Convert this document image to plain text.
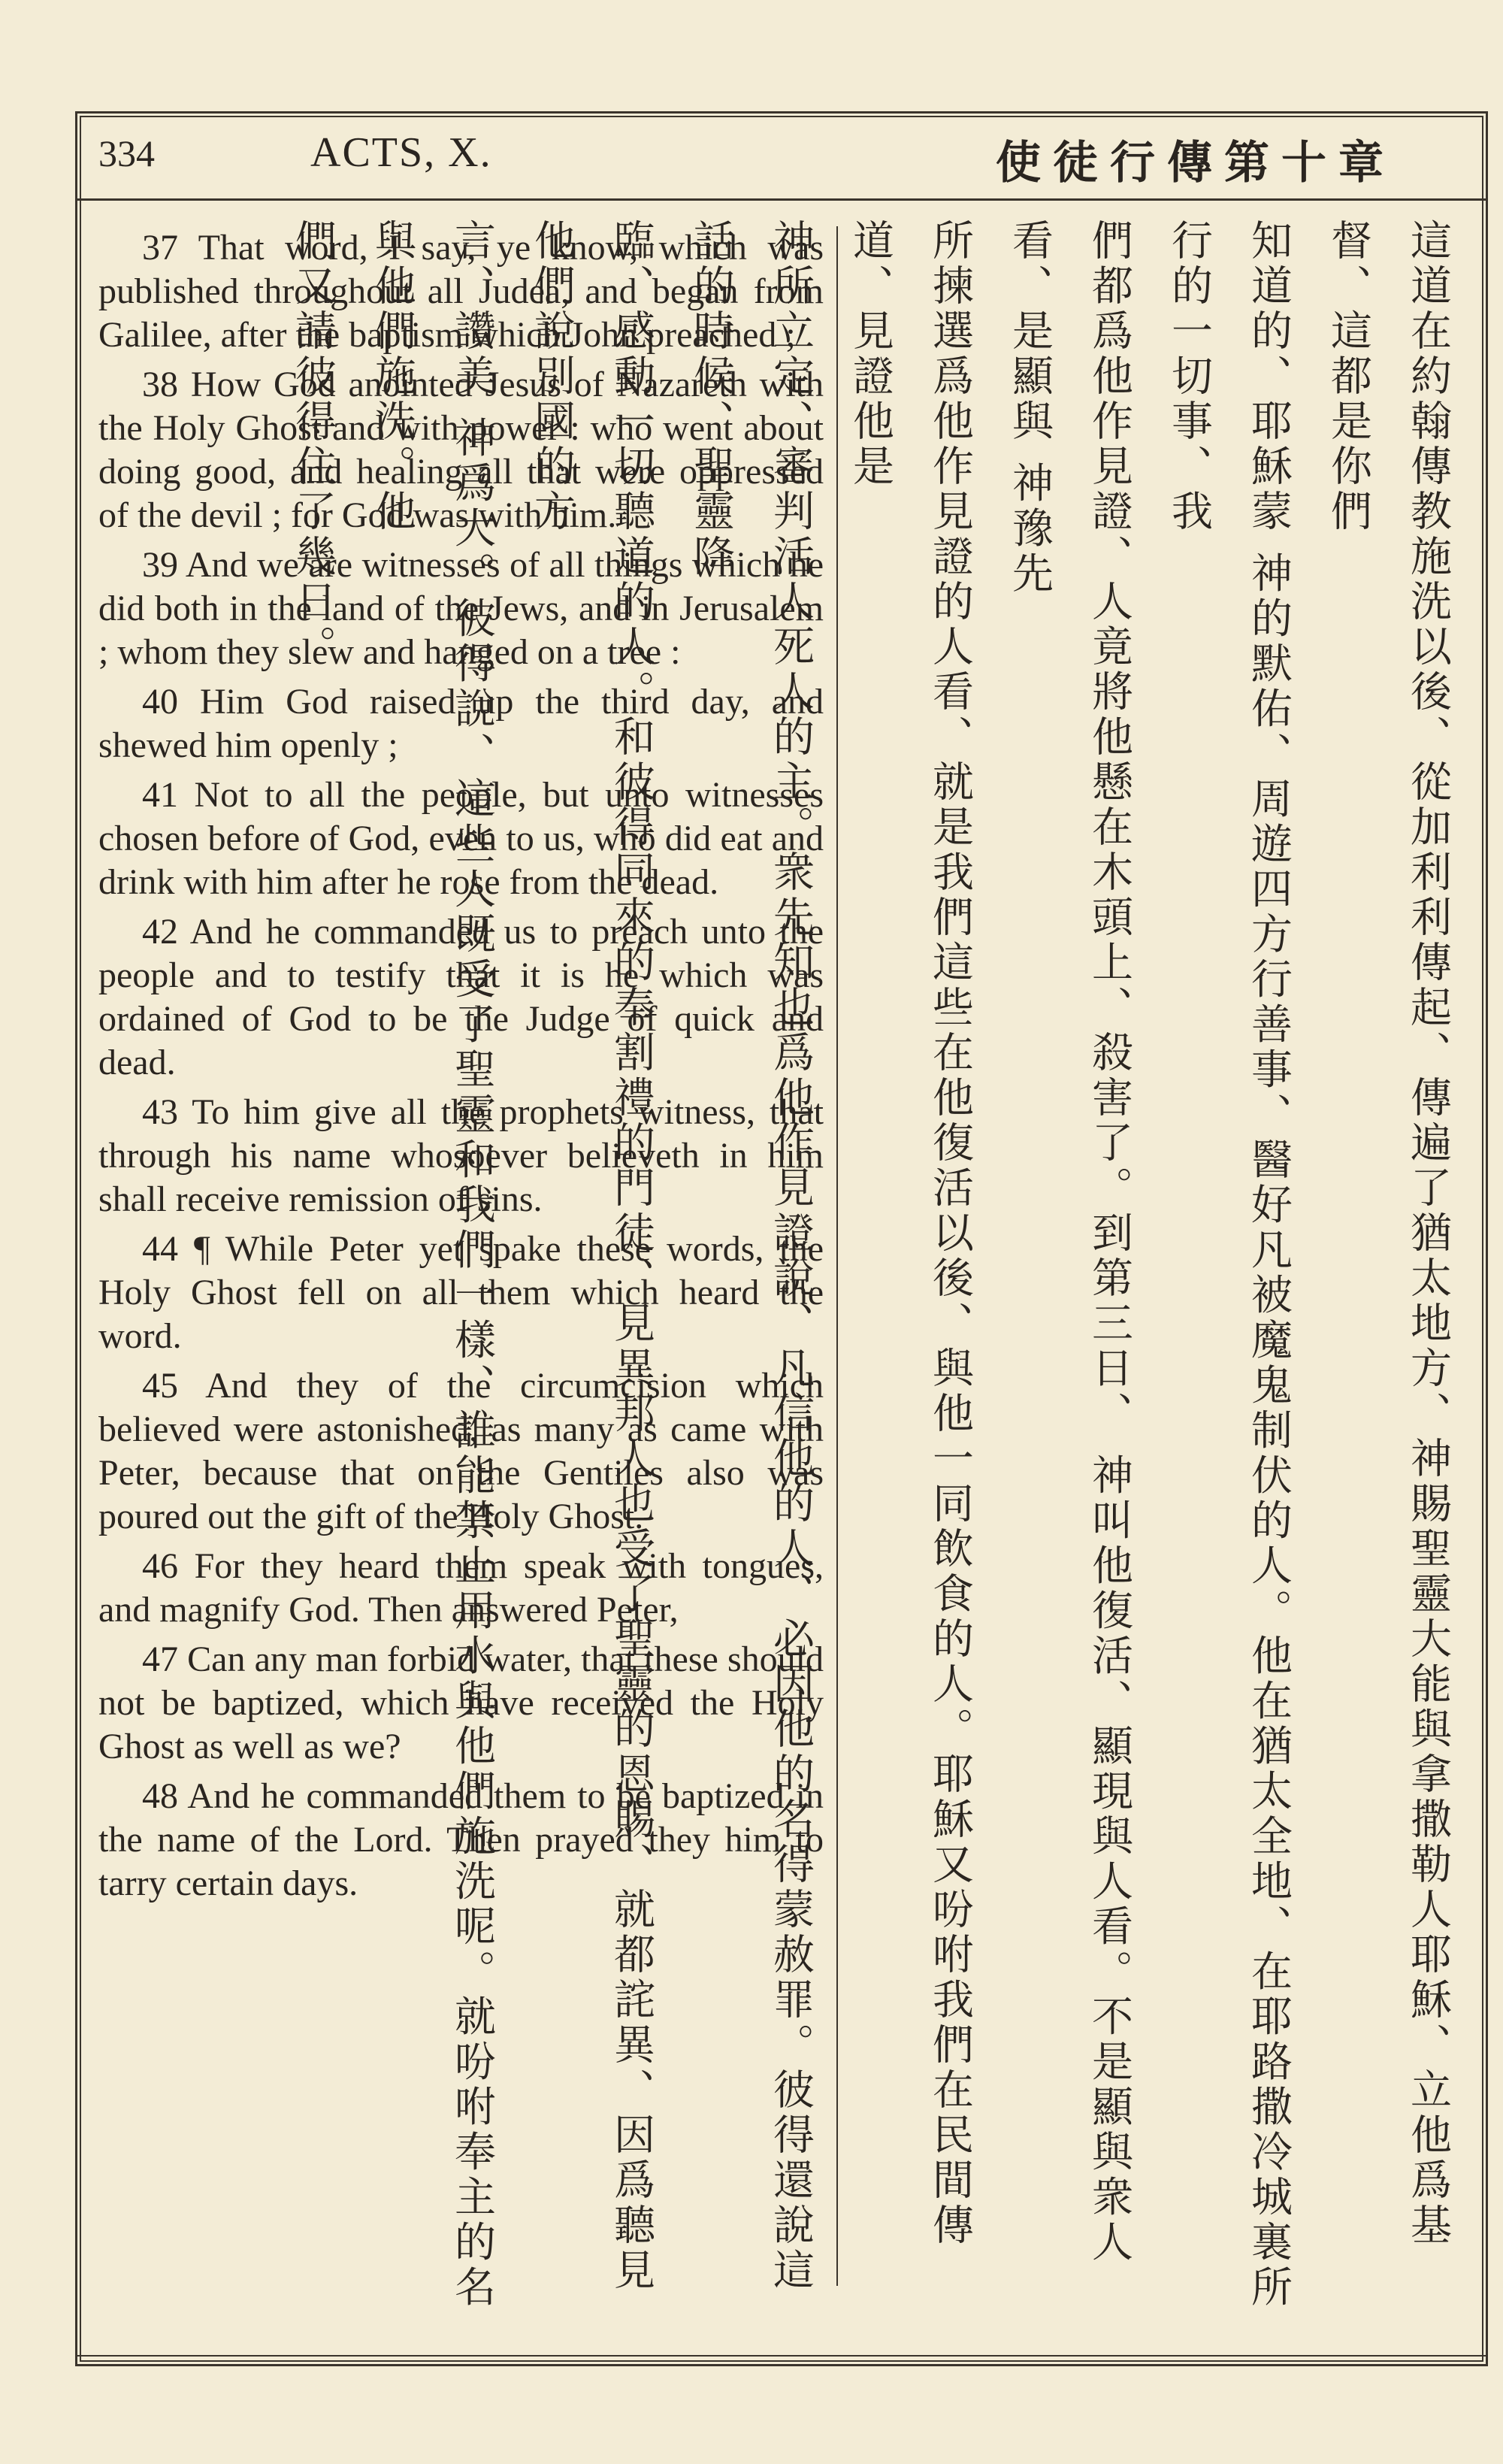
334	ACTS, X.	使徒行傳第十章

37 That word, I say, ye know, which was published throughout all Judea, and began from Galilee, after the baptism which John preached ;

38 How God anointed Jesus of Nazareth with the Holy Ghost and with power : who went about doing good, and healing all that were oppressed of the devil ; for God was with him.

39 And we are witnesses of all things which he did both in the land of the Jews, and in Jerusalem ; whom they slew and hanged on a tree :

40 Him God raised up the third day, and shewed him openly ;

41 Not to all the people, but unto witnesses chosen before of God, even to us, who did eat and drink with him after he rose from the dead.

42 And he commanded us to preach unto the people and to testify that it is he which was ordained of God to be the Judge of quick and dead.

43 To him give all the prophets witness, that through his name whosoever believeth in him shall receive remission of sins.

44 ¶ While Peter yet spake these words, the Holy Ghost fell on all them which heard the word.

45 And they of the circumcision which believed were astonished, as many as came with Peter, because that on the Gentiles also was poured out the gift of the Holy Ghost.

46 For they heard them speak with tongues, and magnify God. Then answered Peter,

47 Can any man forbid water, that these should not be baptized, which have received the Holy Ghost as well as we?

48 And he commanded them to be baptized in the name of the Lord. Then prayed they him to tarry certain days.	這道在約翰傳教施洗以後、從加利利傳起、傳遍了猶太地方、神賜聖靈大能與拿撒勒人耶穌、立他爲基督、這都是你們
知道的、耶穌蒙 神的默佑、周遊四方行善事、醫好凡被魔鬼制伏的人。他在猶太全地、在耶路撒冷城裏所行的一切事、我
們都爲他作見證、人竟將他懸在木頭上、殺害了。到第三日、 神叫他復活、顯現與人看。不是顯與衆人看、是顯與 神豫先
所揀選爲他作見證的人看、就是我們這些在他復活以後、與他一同飲食的人。耶穌又吩咐我們在民間傳道、見證他是
神所立定、審判活人死人的主。衆先知也爲他作見證說、凡信他的人、必因他的名得蒙赦罪。彼得還說這話的時候、聖靈降
臨、感動一切聽道的人。和彼得同來的奉割禮的門徒、見異邦人也受了聖靈的恩賜、就都詫異、因爲聽見他們說別國的方
言、讚美 神爲大。彼得說、這些人既受了聖靈和我們一樣、誰能禁止用水與他們施洗呢。就吩咐奉主的名與他們施洗。他
們又請彼得住了幾日。
